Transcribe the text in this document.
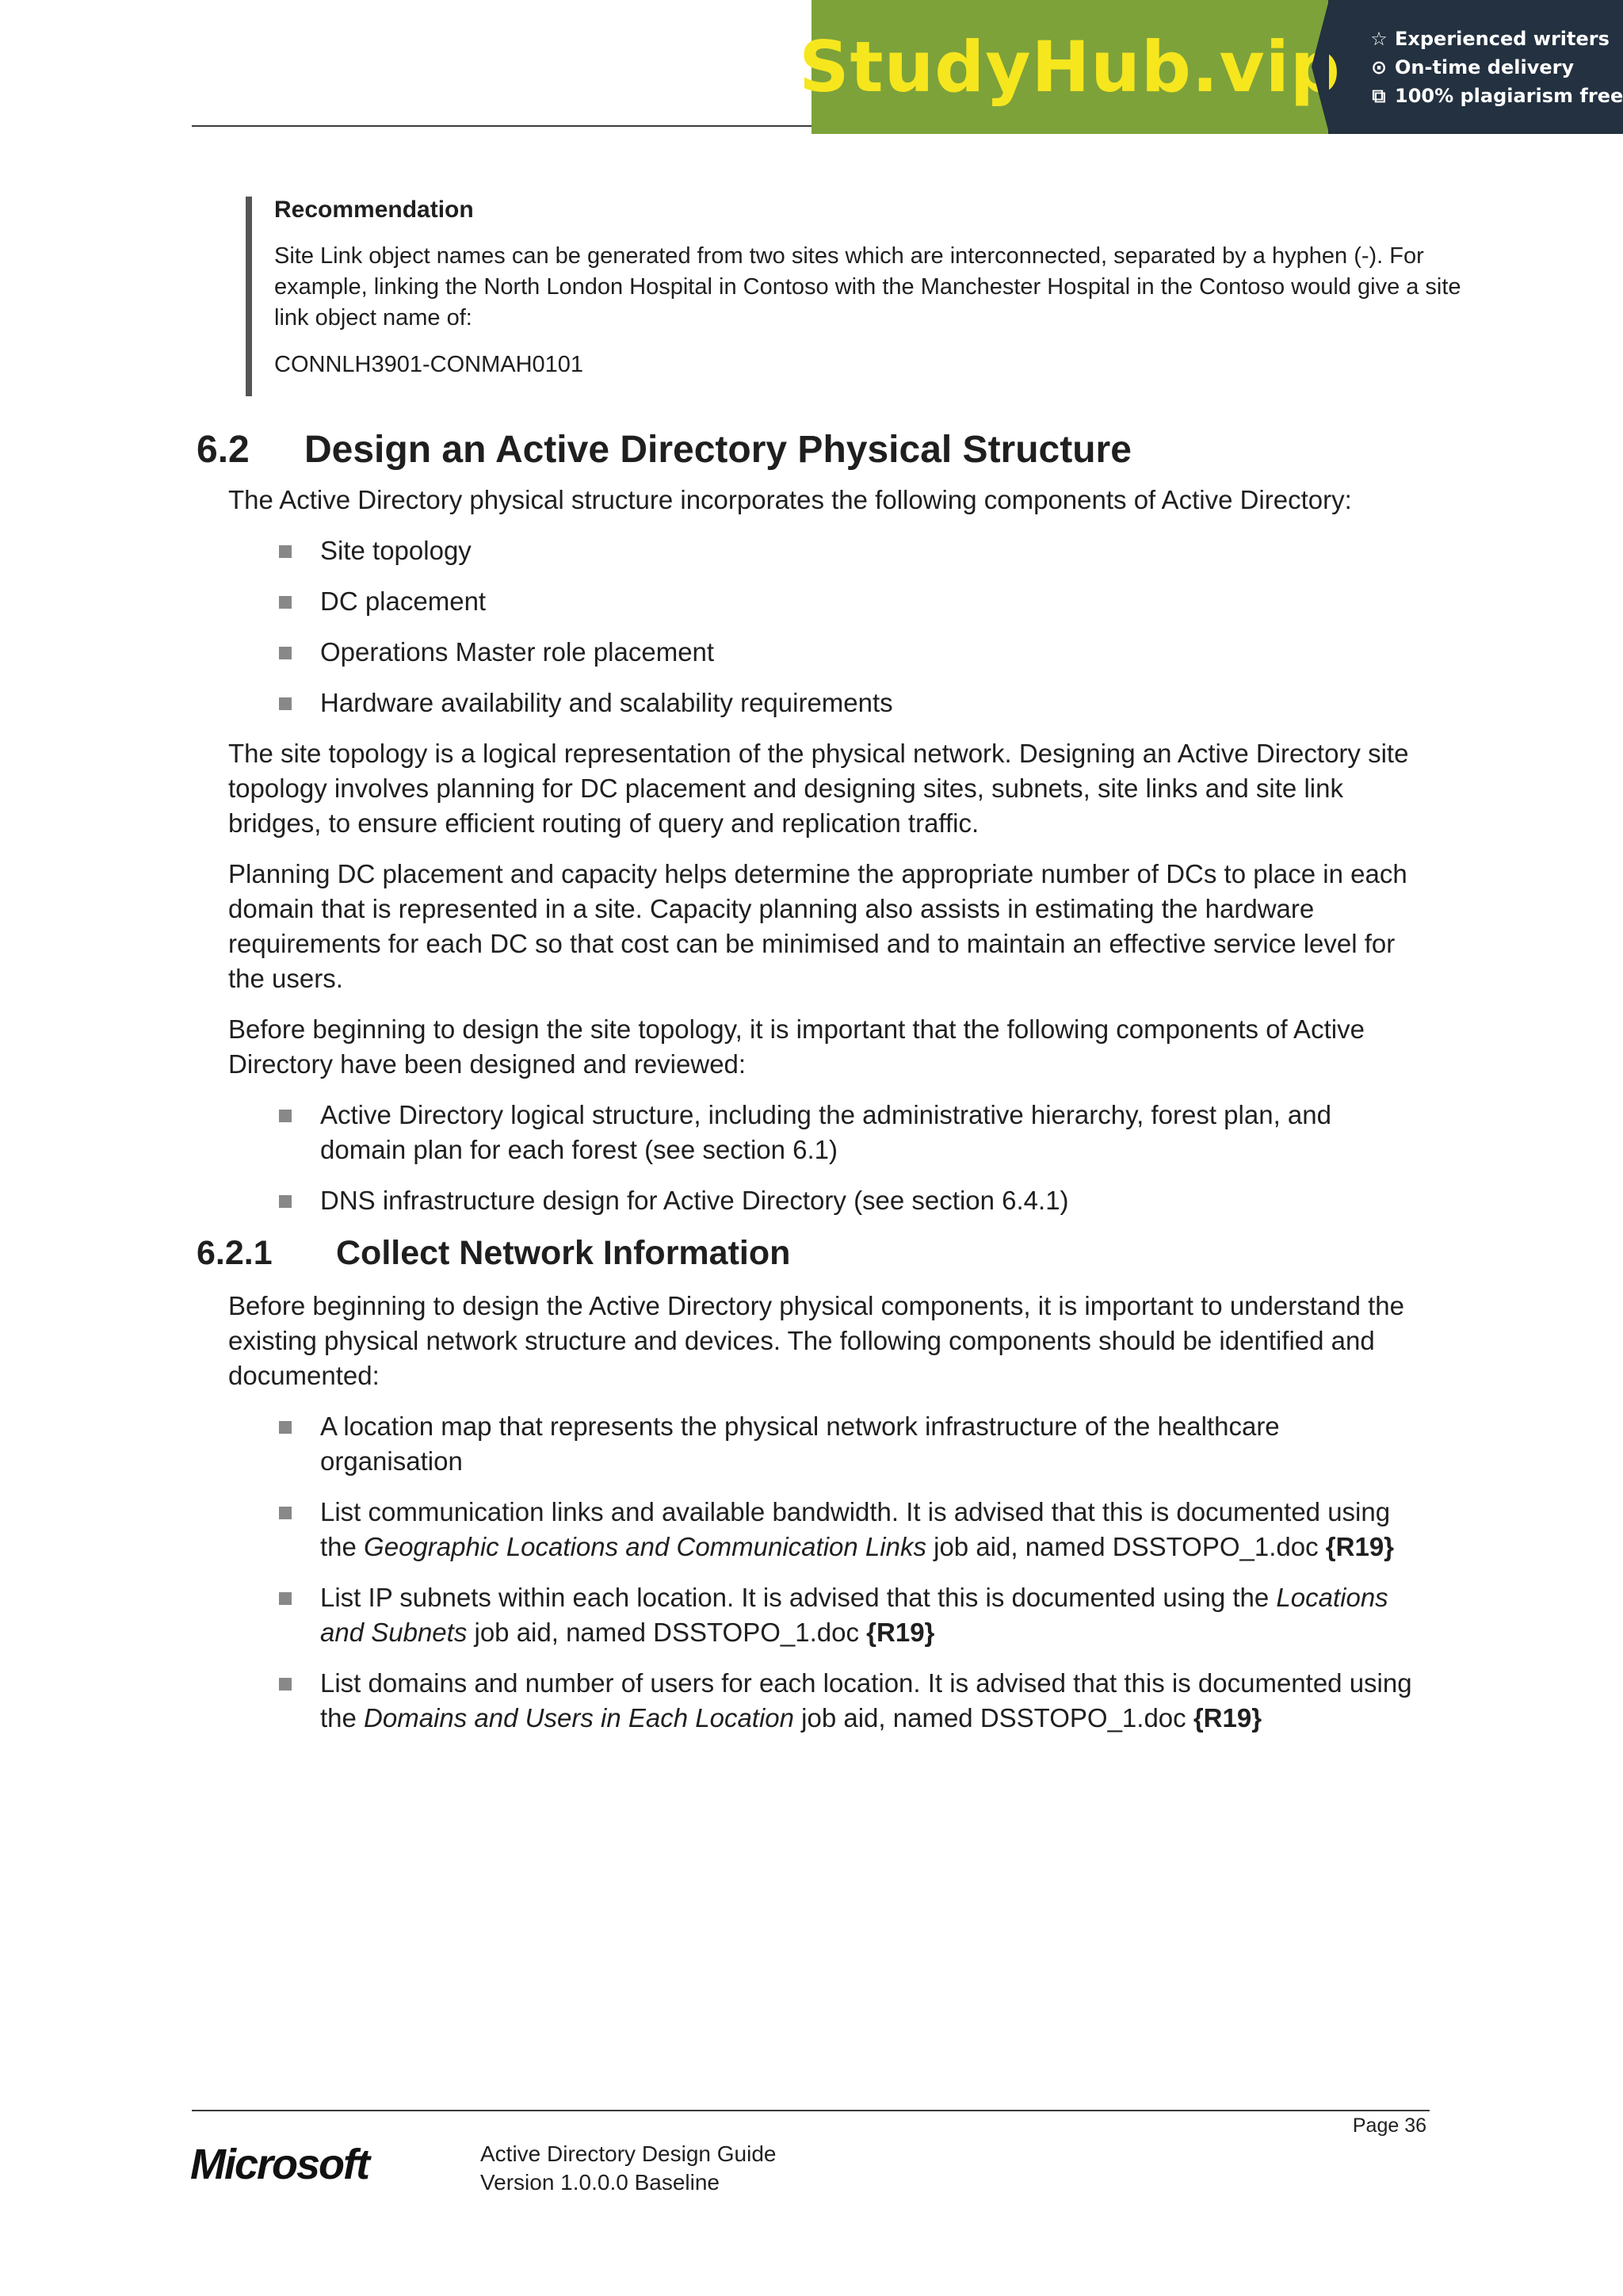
StudyHub.vip ☆ Experienced writers
⊙ On-time delivery
⧉ 100% plagiarism free
Recommendation

Site Link object names can be generated from two sites which are interconnected, separated by a hyphen (-). For example, linking the North London Hospital in Contoso with the Manchester Hospital in the Contoso would give a site link object name of:

CONNLH3901-CONMAH0101

6.2	Design an Active Directory Physical Structure

The Active Directory physical structure incorporates the following components of Active Directory:

Site topology
DC placement
Operations Master role placement
Hardware availability and scalability requirements

The site topology is a logical representation of the physical network. Designing an Active Directory site topology involves planning for DC placement and designing sites, subnets, site links and site link bridges, to ensure efficient routing of query and replication traffic.

Planning DC placement and capacity helps determine the appropriate number of DCs to place in each domain that is represented in a site. Capacity planning also assists in estimating the hardware requirements for each DC so that cost can be minimised and to maintain an effective service level for the users.

Before beginning to design the site topology, it is important that the following components of Active Directory have been designed and reviewed:

Active Directory logical structure, including the administrative hierarchy, forest plan, and domain plan for each forest (see section 6.1)
DNS infrastructure design for Active Directory (see section 6.4.1)
6.2.1	Collect Network Information

Before beginning to design the Active Directory physical components, it is important to understand the existing physical network structure and devices. The following components should be identified and documented:

A location map that represents the physical network infrastructure of the healthcare organisation
List communication links and available bandwidth. It is advised that this is documented using the Geographic Locations and Communication Links job aid, named DSSTOPO_1.doc {R19}
List IP subnets within each location. It is advised that this is documented using the Locations and Subnets job aid, named DSSTOPO_1.doc {R19}
List domains and number of users for each location. It is advised that this is documented using the Domains and Users in Each Location job aid, named DSSTOPO_1.doc {R19}
Page 36
Microsoft	Active Directory Design Guide
Version 1.0.0.0 Baseline
